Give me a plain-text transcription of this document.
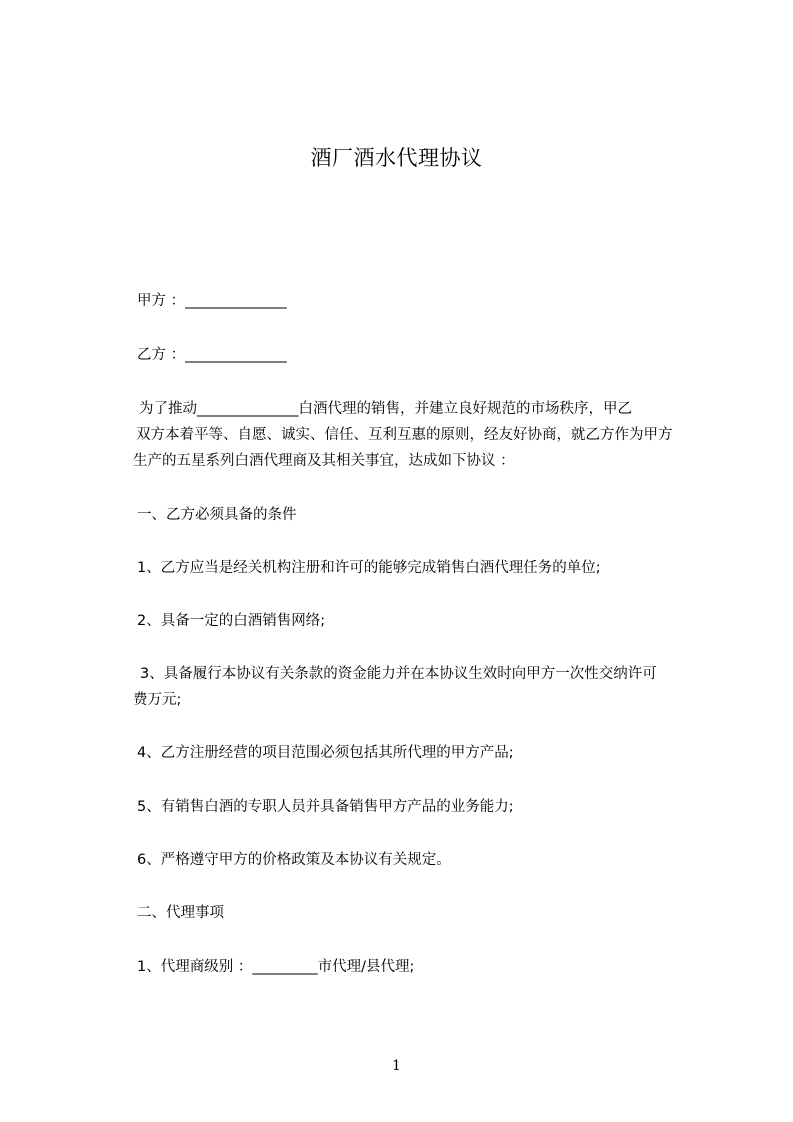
酒厂酒水代理协议
甲方 ：______________
乙方 ：______________
为了推动______________白酒代理的销售，并建立良好规范的市场秩序，甲乙
双方本着平等、自愿、诚实、信任、互利互惠的原则，经友好协商，就乙方作为甲方
生产的五星系列白酒代理商及其相关事宜，达成如下协议 ：
一、乙方必须具备的条件
1、乙方应当是经关机构注册和许可的能够完成销售白酒代理任务的单位;
2、具备一定的白酒销售网络;
3、具备履行本协议有关条款的资金能力并在本协议生效时向甲方一次性交纳许可
费万元;
4、乙方注册经营的项目范围必须包括其所代理的甲方产品;
5、有销售白酒的专职人员并具备销售甲方产品的业务能力;
6、严格遵守甲方的价格政策及本协议有关规定。
二、代理事项
1、代理商级别 ：_________市代理/县代理;
1
